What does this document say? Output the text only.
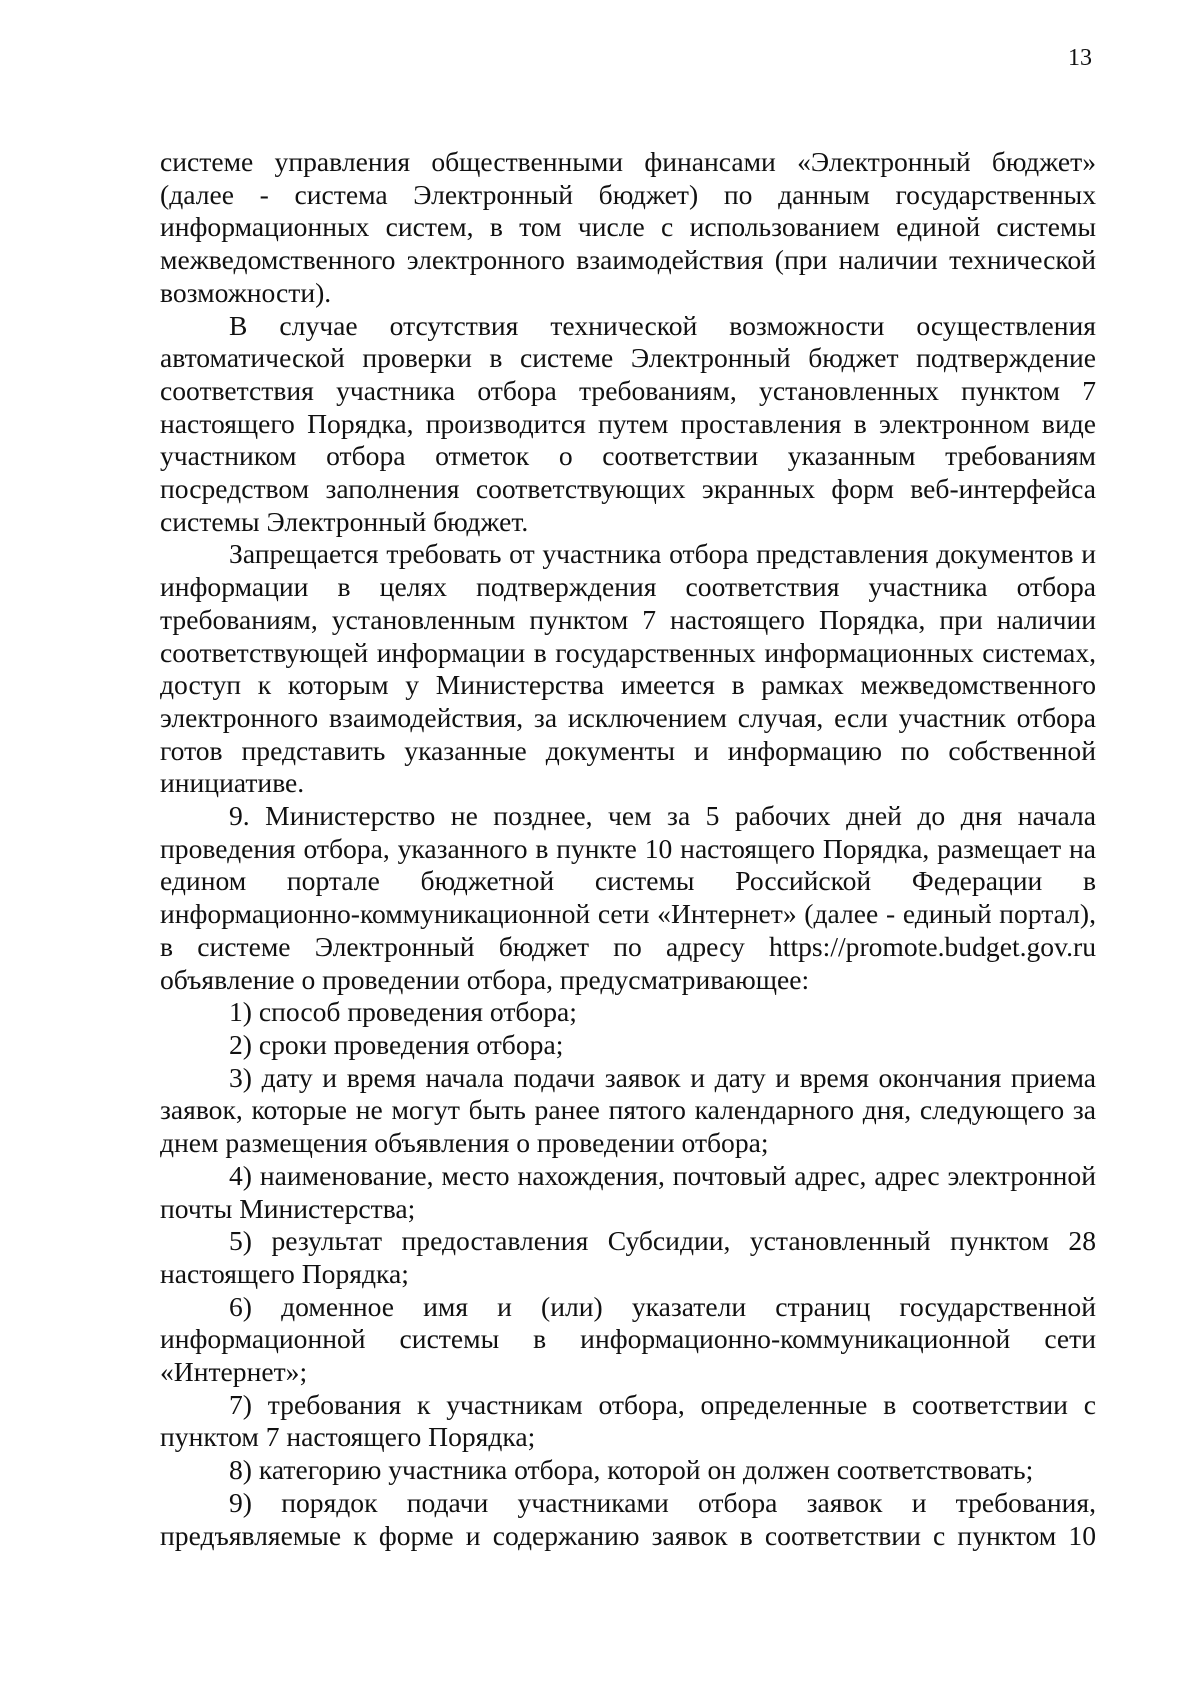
13

системе управления общественными финансами «Электронный бюджет» (далее - система Электронный бюджет) по данным государственных информационных систем, в том числе с использованием единой системы межведомственного электронного взаимодействия (при наличии технической возможности).

В случае отсутствия технической возможности осуществления автоматической проверки в системе Электронный бюджет подтверждение соответствия участника отбора требованиям, установленных пунктом 7 настоящего Порядка, производится путем проставления в электронном виде участником отбора отметок о соответствии указанным требованиям посредством заполнения соответствующих экранных форм веб-интерфейса системы Электронный бюджет.

Запрещается требовать от участника отбора представления документов и информации в целях подтверждения соответствия участника отбора требованиям, установленным пунктом 7 настоящего Порядка, при наличии соответствующей информации в государственных информационных системах, доступ к которым у Министерства имеется в рамках межведомственного электронного взаимодействия, за исключением случая, если участник отбора готов представить указанные документы и информацию по собственной инициативе.

9. Министерство не позднее, чем за 5 рабочих дней до дня начала проведения отбора, указанного в пункте 10 настоящего Порядка, размещает на едином портале бюджетной системы Российской Федерации в информационно-коммуникационной сети «Интернет» (далее - единый портал), в системе Электронный бюджет по адресу https://promote.budget.gov.ru объявление о проведении отбора, предусматривающее:

1) способ проведения отбора;

2) сроки проведения отбора;

3) дату и время начала подачи заявок и дату и время окончания приема заявок, которые не могут быть ранее пятого календарного дня, следующего за днем размещения объявления о проведении отбора;

4) наименование, место нахождения, почтовый адрес, адрес электронной почты Министерства;

5) результат предоставления Субсидии, установленный пунктом 28 настоящего Порядка;

6) доменное имя и (или) указатели страниц государственной информационной системы в информационно-коммуникационной сети «Интернет»;

7) требования к участникам отбора, определенные в соответствии с пунктом 7 настоящего Порядка;

8) категорию участника отбора, которой он должен соответствовать;

9) порядок подачи участниками отбора заявок и требования, предъявляемые к форме и содержанию заявок в соответствии с пунктом 10
